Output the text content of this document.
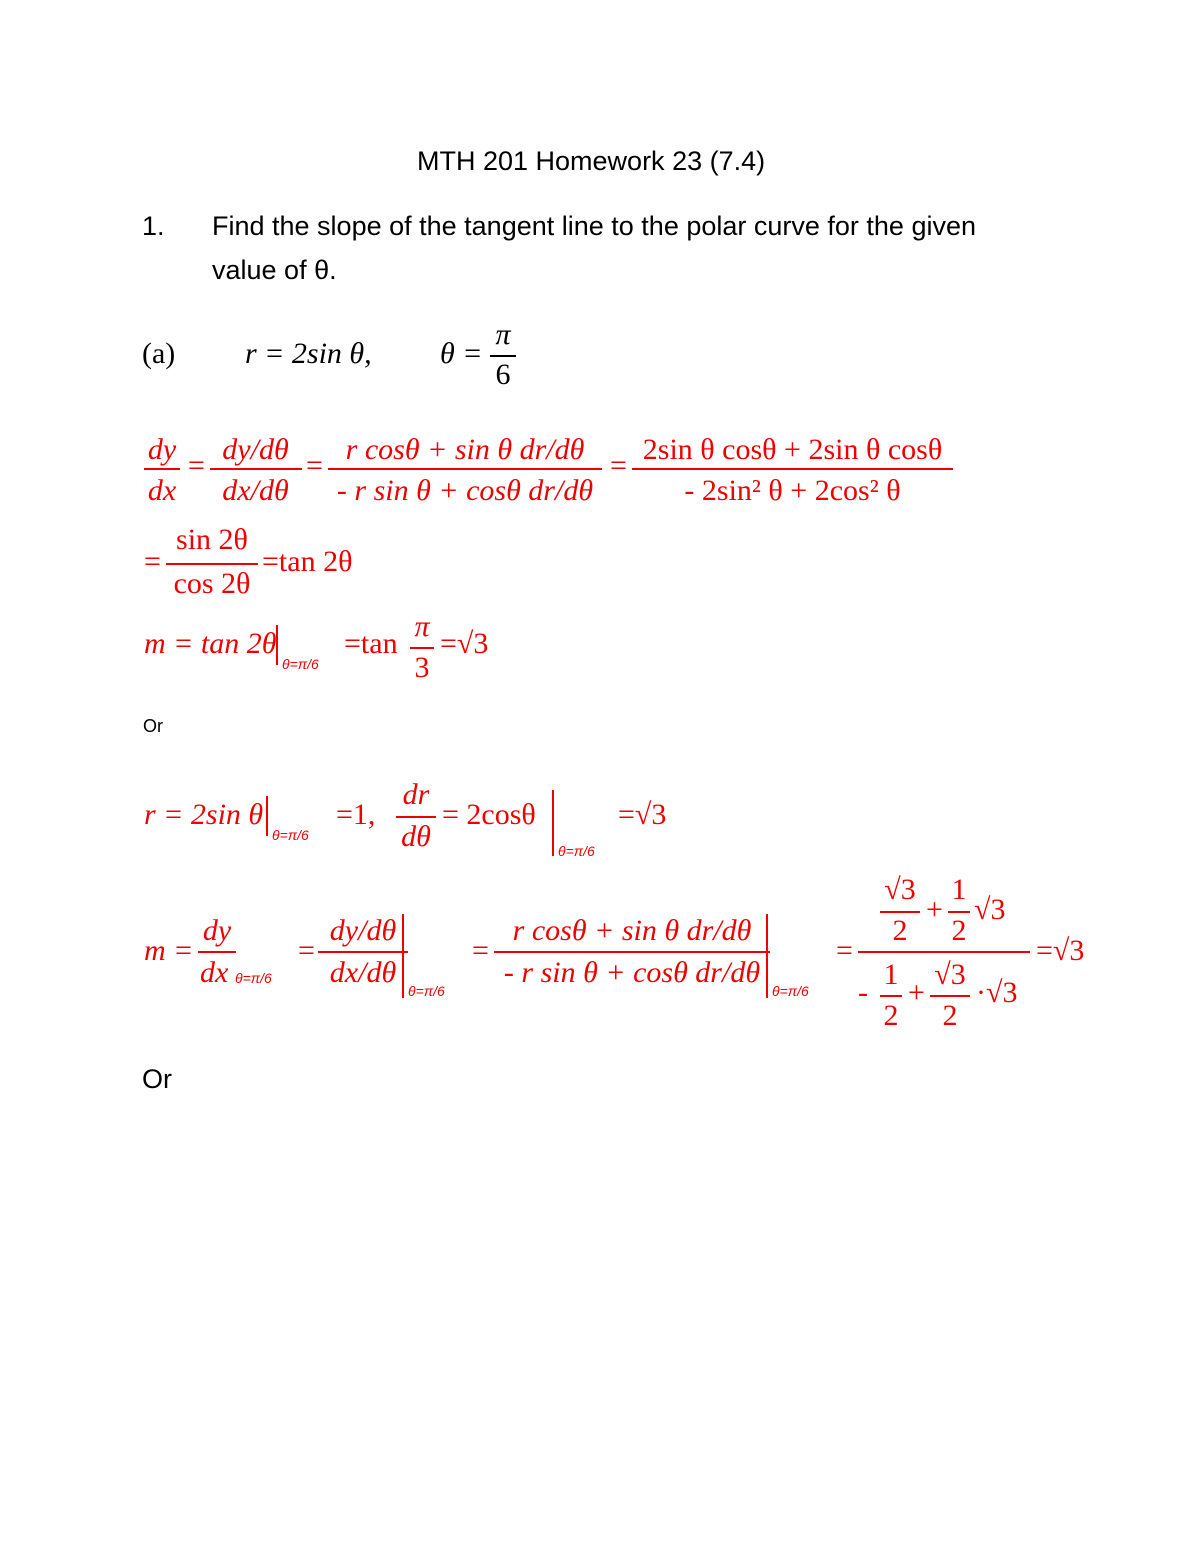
MTH 201 Homework 23 (7.4)
1. Find the slope of the tangent line to the polar curve for the given
value of θ.
(a) r = 2sin θ, θ =
π
6
dy
dx
= dy/dθ
dx/dθ
= r cosθ + sin θ dr/dθ
- r sin θ + cosθ dr/dθ
= 2sin θ cosθ + 2sin θ cosθ
- 2sin² θ + 2cos² θ
=
sin 2θ
cos 2θ
=tan 2θ
m = tan 2θ
θ=π/6
=tan
π
3
=√3
Or
r = 2sin θ
θ=π/6
=1,
dr
dθ
= 2cosθ
θ=π/6
=√3
m =
dy
dx θ=π/6
=
dy/dθ
dx/dθ
θ=π/6
=
r cosθ + sin θ dr/dθ
- r sin θ + cosθ dr/dθ
θ=π/6
=
√3
2
+
1
2
√3
-
1
2
+
√3
2
·√3
=√3
Or
